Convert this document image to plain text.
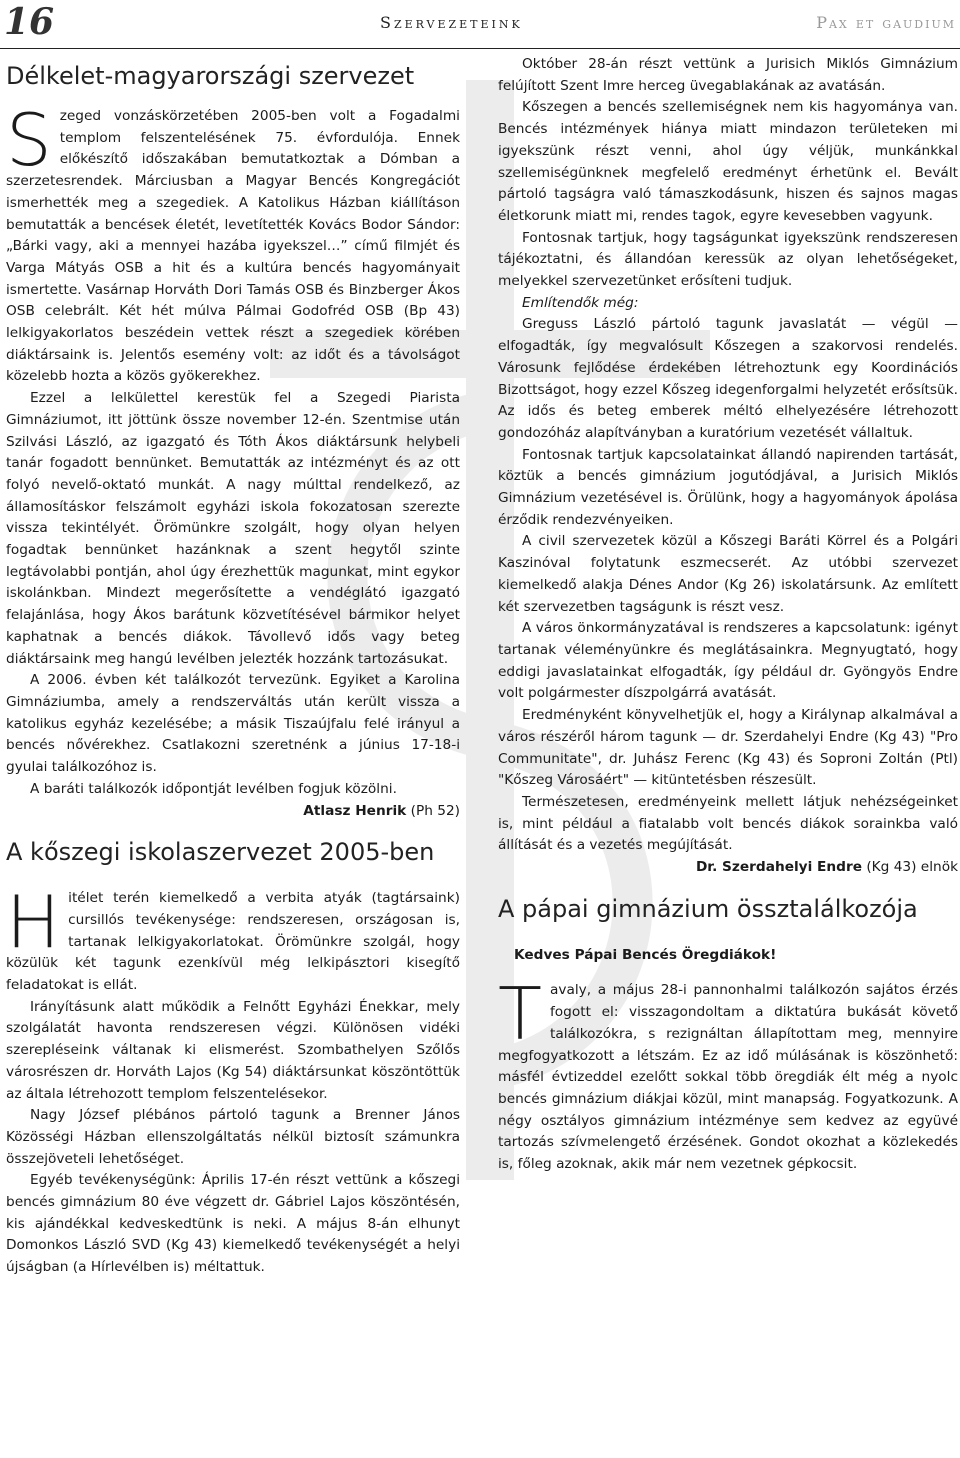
16	Szervezeteink	Pax et gaudium
Délkelet-magyarországi szervezet

Szeged vonzáskörzetében 2005-ben volt a Fogadalmi templom felszentelésének 75. évfordulója. Ennek előkészítő időszakában bemutatkoztak a Dómban a szerzetesrendek. Márciusban a Magyar Bencés Kongregációt ismerhették meg a szegediek. A Katolikus Házban kiállításon bemutatták a bencések életét, levetítették Kovács Bodor Sándor: „Bárki vagy, aki a mennyei hazába igyekszel…” című filmjét és Varga Mátyás OSB a hit és a kultúra bencés hagyományait ismertette. Vasárnap Horváth Dori Tamás OSB és Binzberger Ákos OSB celebrált. Két hét múlva Pálmai Godofréd OSB (Bp 43) lelkigyakorlatos beszédein vettek részt a szegediek körében diáktársaink is. Jelentős esemény volt: az időt és a távolságot közelebb hozta a közös gyökerekhez.

Ezzel a lelkülettel kerestük fel a Szegedi Piarista Gimnáziumot, itt jöttünk össze november 12-én. Szentmise után Szilvási László, az igazgató és Tóth Ákos diáktársunk helybeli tanár fogadott bennünket. Bemutatták az intézményt és az ott folyó nevelő-oktató munkát. A nagy múlttal rendelkező, az államosításkor felszámolt egyházi iskola fokozatosan szerezte vissza tekintélyét. Örömünkre szolgált, hogy olyan helyen fogadtak bennünket hazánknak a szent hegytől szinte legtávolabbi pontján, ahol úgy érezhettük magunkat, mint egykor iskolánkban. Mindezt megerősítette a vendéglátó igazgató felajánlása, hogy Ákos barátunk közvetítésével bármikor helyet kaphatnak a bencés diákok. Távollevő idős vagy beteg diáktársaink meg hangú levélben jelezték hozzánk tartozásukat.

A 2006. évben két találkozót tervezünk. Egyiket a Karolina Gimnáziumba, amely a rendszerváltás után került vissza a katolikus egyház kezelésébe; a másik Tiszaújfalu felé irányul a bencés nővérekhez. Csatlakozni szeretnénk a június 17-18-i gyulai találkozóhoz is.

A baráti találkozók időpontját levélben fogjuk közölni.

Atlasz Henrik (Ph 52)

A kőszegi iskolaszervezet 2005-ben

Hitélet terén kiemelkedő a verbita atyák (tagtársaink) cursillós tevékenysége: rendszeresen, országosan is, tartanak lelkigyakorlatokat. Örömünkre szolgál, hogy közülük két tagunk ezenkívül még lelkipásztori kisegítő feladatokat is ellát.

Irányításunk alatt működik a Felnőtt Egyházi Énekkar, mely szolgálatát havonta rendszeresen végzi. Különösen vidéki szerepléseink váltanak ki elismerést. Szombathelyen Szőlős városrészen dr. Horváth Lajos (Kg 54) diáktársunkat köszöntöttük az általa létrehozott templom felszentelésekor.

Nagy József plébános pártoló tagunk a Brenner János Közösségi Házban ellenszolgáltatás nélkül biztosít számunkra összejöveteli lehetőséget.

Egyéb tevékenységünk: Április 17-én részt vettünk a kőszegi bencés gimnázium 80 éve végzett dr. Gábriel Lajos köszöntésén, kis ajándékkal kedveskedtünk is neki. A május 8-án elhunyt Domonkos László SVD (Kg 43) kiemelkedő tevékenységét a helyi újságban (a Hírlevélben is) méltattuk.

Október 28-án részt vettünk a Jurisich Miklós Gimnázium felújított Szent Imre herceg üvegablakának az avatásán.

Kőszegen a bencés szellemiségnek nem kis hagyománya van. Bencés intézmények hiánya miatt mindazon területeken mi igyekszünk részt venni, ahol úgy véljük, munkánkkal szellemiségünknek megfelelő eredményt érhetünk el. Bevált pártoló tagságra való támaszkodásunk, hiszen és sajnos magas életkorunk miatt mi, rendes tagok, egyre kevesebben vagyunk.

Fontosnak tartjuk, hogy tagságunkat igyekszünk rendszeresen tájékoztatni, és állandóan keressük az olyan lehetőségeket, melyekkel szervezetünket erősíteni tudjuk.

Említendők még:

Greguss László pártoló tagunk javaslatát — végül — elfogadták, így megvalósult Kőszegen a szakorvosi rendelés. Városunk fejlődése érdekében létrehoztunk egy Koordinációs Bizottságot, hogy ezzel Kőszeg idegenforgalmi helyzetét erősítsük. Az idős és beteg emberek méltó elhelyezésére létrehozott gondozóház alapítványban a kuratórium vezetését vállaltuk.

Fontosnak tartjuk kapcsolatainkat állandó napirenden tartását, köztük a bencés gimnázium jogutódjával, a Jurisich Miklós Gimnázium vezetésével is. Örülünk, hogy a hagyományok ápolása érződik rendezvényeiken.

A civil szervezetek közül a Kőszegi Baráti Körrel és a Polgári Kaszinóval folytatunk eszmecserét. Az utóbbi szervezet kiemelkedő alakja Dénes Andor (Kg 26) iskolatársunk. Az említett két szervezetben tagságunk is részt vesz.

A város önkormányzatával is rendszeres a kapcsolatunk: igényt tartanak véleményünkre és meglátásainkra. Megnyugtató, hogy eddigi javaslatainkat elfogadták, így például dr. Gyöngyös Endre volt polgármester díszpolgárrá avatását.

Eredményként könyvelhetjük el, hogy a Királynap alkalmával a város részéről három tagunk — dr. Szerdahelyi Endre (Kg 43) "Pro Communitate", dr. Juhász Ferenc (Kg 43) és Soproni Zoltán (Ptl) "Kőszeg Városáért" — kitüntetésben részesült.

Természetesen, eredményeink mellett látjuk nehézségeinket is, mint például a fiatalabb volt bencés diákok sorainkba való állítását és a vezetés megújítását.

Dr. Szerdahelyi Endre (Kg 43) elnök

A pápai gimnázium össztalálkozója

Kedves Pápai Bencés Öregdiákok!

Tavaly, a május 28-i pannonhalmi találkozón sajátos érzés fogott el: visszagondoltam a diktatúra bukását követő találkozókra, s rezignáltan állapítottam meg, mennyire megfogyatkozott a létszám. Ez az idő múlásának is köszönhető: másfél évtizeddel ezelőtt sokkal több öregdiák élt még a nyolc bencés gimnázium diákjai közül, mint manapság. Fogyatkozunk. A négy osztályos gimnázium intézménye sem kedvez az együvé tartozás szívmelengető érzésének. Gondot okozhat a közlekedés is, főleg azoknak, akik már nem vezetnek gépkocsit.
